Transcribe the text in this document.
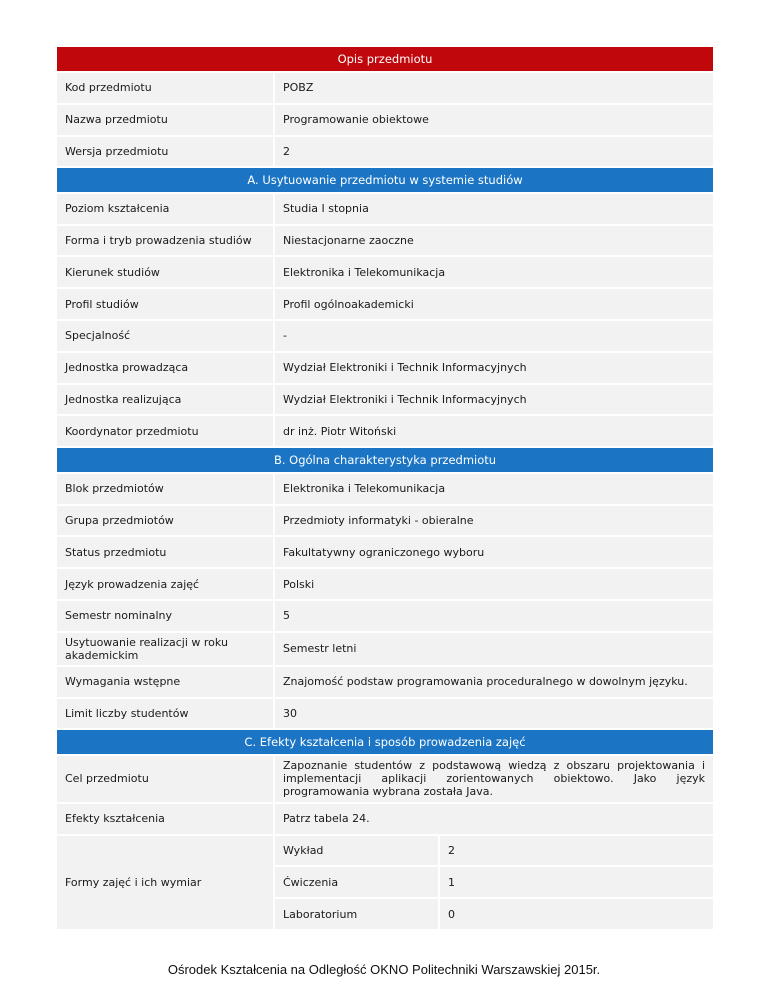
Opis przedmiotu		
Kod przedmiotu	POBZ	
Nazwa przedmiotu	Programowanie obiektowe	
Wersja przedmiotu	2	
A. Usytuowanie przedmiotu w systemie studiów		
Poziom kształcenia	Studia I stopnia	
Forma i tryb prowadzenia studiów	Niestacjonarne zaoczne	
Kierunek studiów	Elektronika i Telekomunikacja	
Profil studiów	Profil ogólnoakademicki	
Specjalność	-	
Jednostka prowadząca	Wydział Elektroniki i Technik Informacyjnych	
Jednostka realizująca	Wydział Elektroniki i Technik Informacyjnych	
Koordynator przedmiotu	dr inż. Piotr Witoński	
B. Ogólna charakterystyka przedmiotu		
Blok przedmiotów	Elektronika i Telekomunikacja	
Grupa przedmiotów	Przedmioty informatyki - obieralne	
Status przedmiotu	Fakultatywny ograniczonego wyboru	
Język prowadzenia zajęć	Polski	
Semestr nominalny	5	
Usytuowanie realizacji w roku akademickim	Semestr letni	
Wymagania wstępne	Znajomość podstaw programowania proceduralnego w dowolnym języku.	
Limit liczby studentów	30	
C. Efekty kształcenia i sposób prowadzenia zajęć		
Cel przedmiotu	Zapoznanie studentów z podstawową wiedzą z obszaru projektowania i implementacji aplikacji zorientowanych obiektowo. Jako język programowania wybrana została Java.	
Efekty kształcenia	Patrz tabela 24.	
Formy zajęć i ich wymiar	Wykład	2
	Ćwiczenia	1
	Laboratorium	0
Ośrodek Kształcenia na Odległość OKNO Politechniki Warszawskiej 2015r.
